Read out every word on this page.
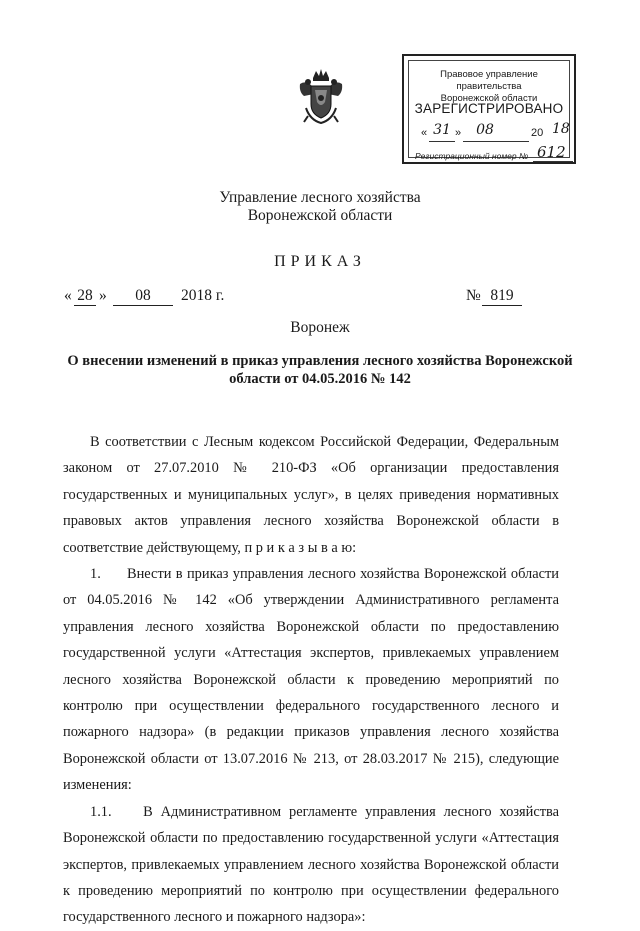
Правовое управление правительства
Воронежской области
ЗАРЕГИСТРИРОВАНО
« 31 »	08	20 18
Регистрационный номер № 612
Управление лесного хозяйства
Воронежской области
ПРИКАЗ
« 28 »	08	2018 г.	№ 819
Воронеж
О внесении изменений в приказ управления лесного хозяйства Воронежской
области от 04.05.2016 № 142

В соответствии с Лесным кодексом Российской Федерации, Федеральным законом от 27.07.2010 № 210-ФЗ «Об организации предоставления государственных и муниципальных услуг», в целях приведения нормативных правовых актов управления лесного хозяйства Воронежской области в соответствие действующему, п р и к а з ы в а ю:

1.      Внести в приказ управления лесного хозяйства Воронежской области от 04.05.2016 № 142 «Об утверждении Административного регламента управления лесного хозяйства Воронежской области по предоставлению государственной услуги «Аттестация экспертов, привлекаемых управлением лесного хозяйства Воронежской области к проведению мероприятий по контролю при осуществлении федерального государственного лесного и пожарного надзора» (в редакции приказов управления лесного хозяйства Воронежской области от 13.07.2016 № 213, от 28.03.2017 № 215), следующие изменения:

1.1.    В Административном регламенте управления лесного хозяйства Воронежской области по предоставлению государственной услуги «Аттестация экспертов, привлекаемых управлением лесного хозяйства Воронежской области к проведению мероприятий по контролю при осуществлении федерального государственного лесного и пожарного надзора»:
